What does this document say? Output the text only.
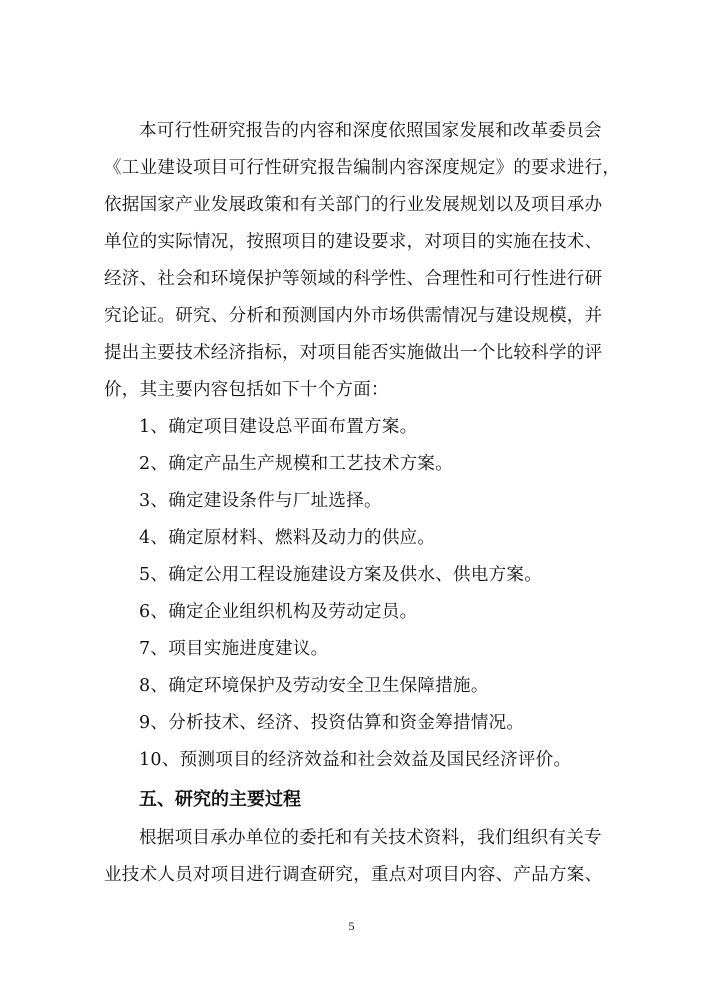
本可行性研究报告的内容和深度依照国家发展和改革委员会
《工业建设项目可行性研究报告编制内容深度规定》的要求进行，
依据国家产业发展政策和有关部门的行业发展规划以及项目承办
单位的实际情况，按照项目的建设要求，对项目的实施在技术、
经济、社会和环境保护等领域的科学性、合理性和可行性进行研
究论证。研究、分析和预测国内外市场供需情况与建设规模，并
提出主要技术经济指标，对项目能否实施做出一个比较科学的评
价，其主要内容包括如下十个方面：
1、确定项目建设总平面布置方案。
2、确定产品生产规模和工艺技术方案。
3、确定建设条件与厂址选择。
4、确定原材料、燃料及动力的供应。
5、确定公用工程设施建设方案及供水、供电方案。
6、确定企业组织机构及劳动定员。
7、项目实施进度建议。
8、确定环境保护及劳动安全卫生保障措施。
9、分析技术、经济、投资估算和资金筹措情况。
10、预测项目的经济效益和社会效益及国民经济评价。
五、研究的主要过程
根据项目承办单位的委托和有关技术资料，我们组织有关专
业技术人员对项目进行调查研究，重点对项目内容、产品方案、
5
